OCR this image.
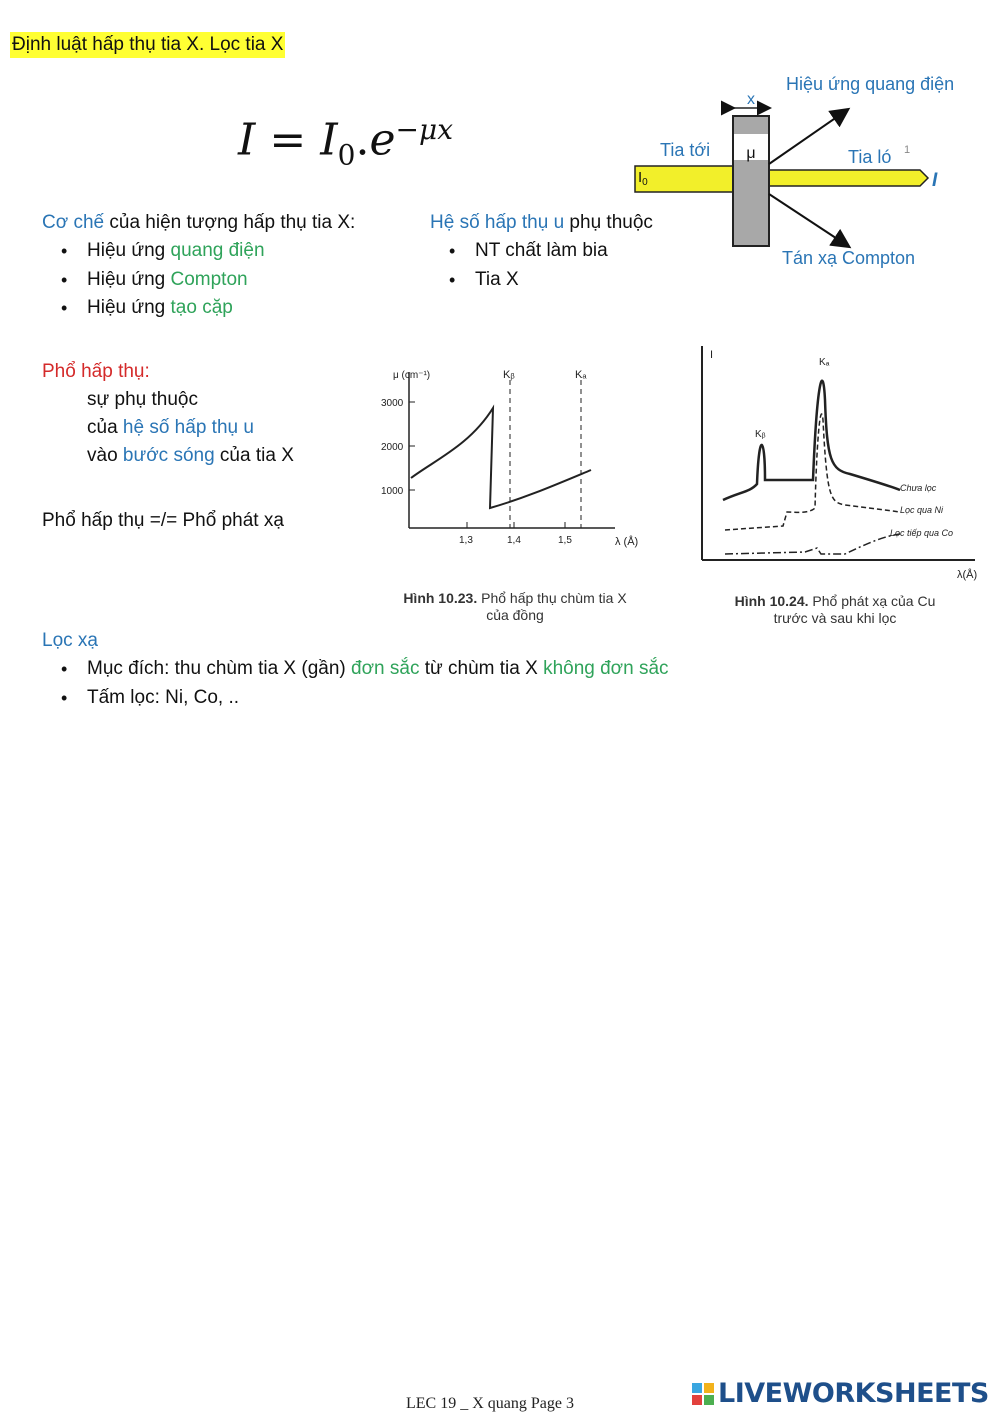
Định luật hấp thụ tia X. Lọc tia X
$I = I_0.e^{-\mu x}$
x
μ
Tia tới
$I_0$
Tia ló 1
I
Hiệu ứng quang điện
Tán xạ Compton
Cơ chế của hiện tượng hấp thụ tia X:
• Hiệu ứng quang điện
• Hiệu ứng Compton
• Hiệu ứng tạo cặp
Hệ số hấp thụ u phụ thuộc
• NT chất làm bia
• Tia X
Phổ hấp thụ:
sự phụ thuộc
của hệ số hấp thụ u
vào bước sóng của tia X
Phổ hấp thụ =/= Phổ phát xạ
μ (cm⁻¹)	Kᵦ	Kₐ
3000
2000
1000
1,3	1,4	1,5	λ (Å)
Hình 10.23. Phổ hấp thụ chùm tia X
của đồng
I
Kᵦ
Kₐ
Chưa lọc
Lọc qua Ni
Lọc tiếp qua Co
λ(Å)
Hình 10.24. Phổ phát xạ của Cu
trước và sau khi lọc
Lọc xạ
• Mục đích: thu chùm tia X (gần) đơn sắc từ chùm tia X không đơn sắc
• Tấm lọc: Ni, Co, ..
LEC 19 _ X quang Page 3	LIVEWORKSHEETS
